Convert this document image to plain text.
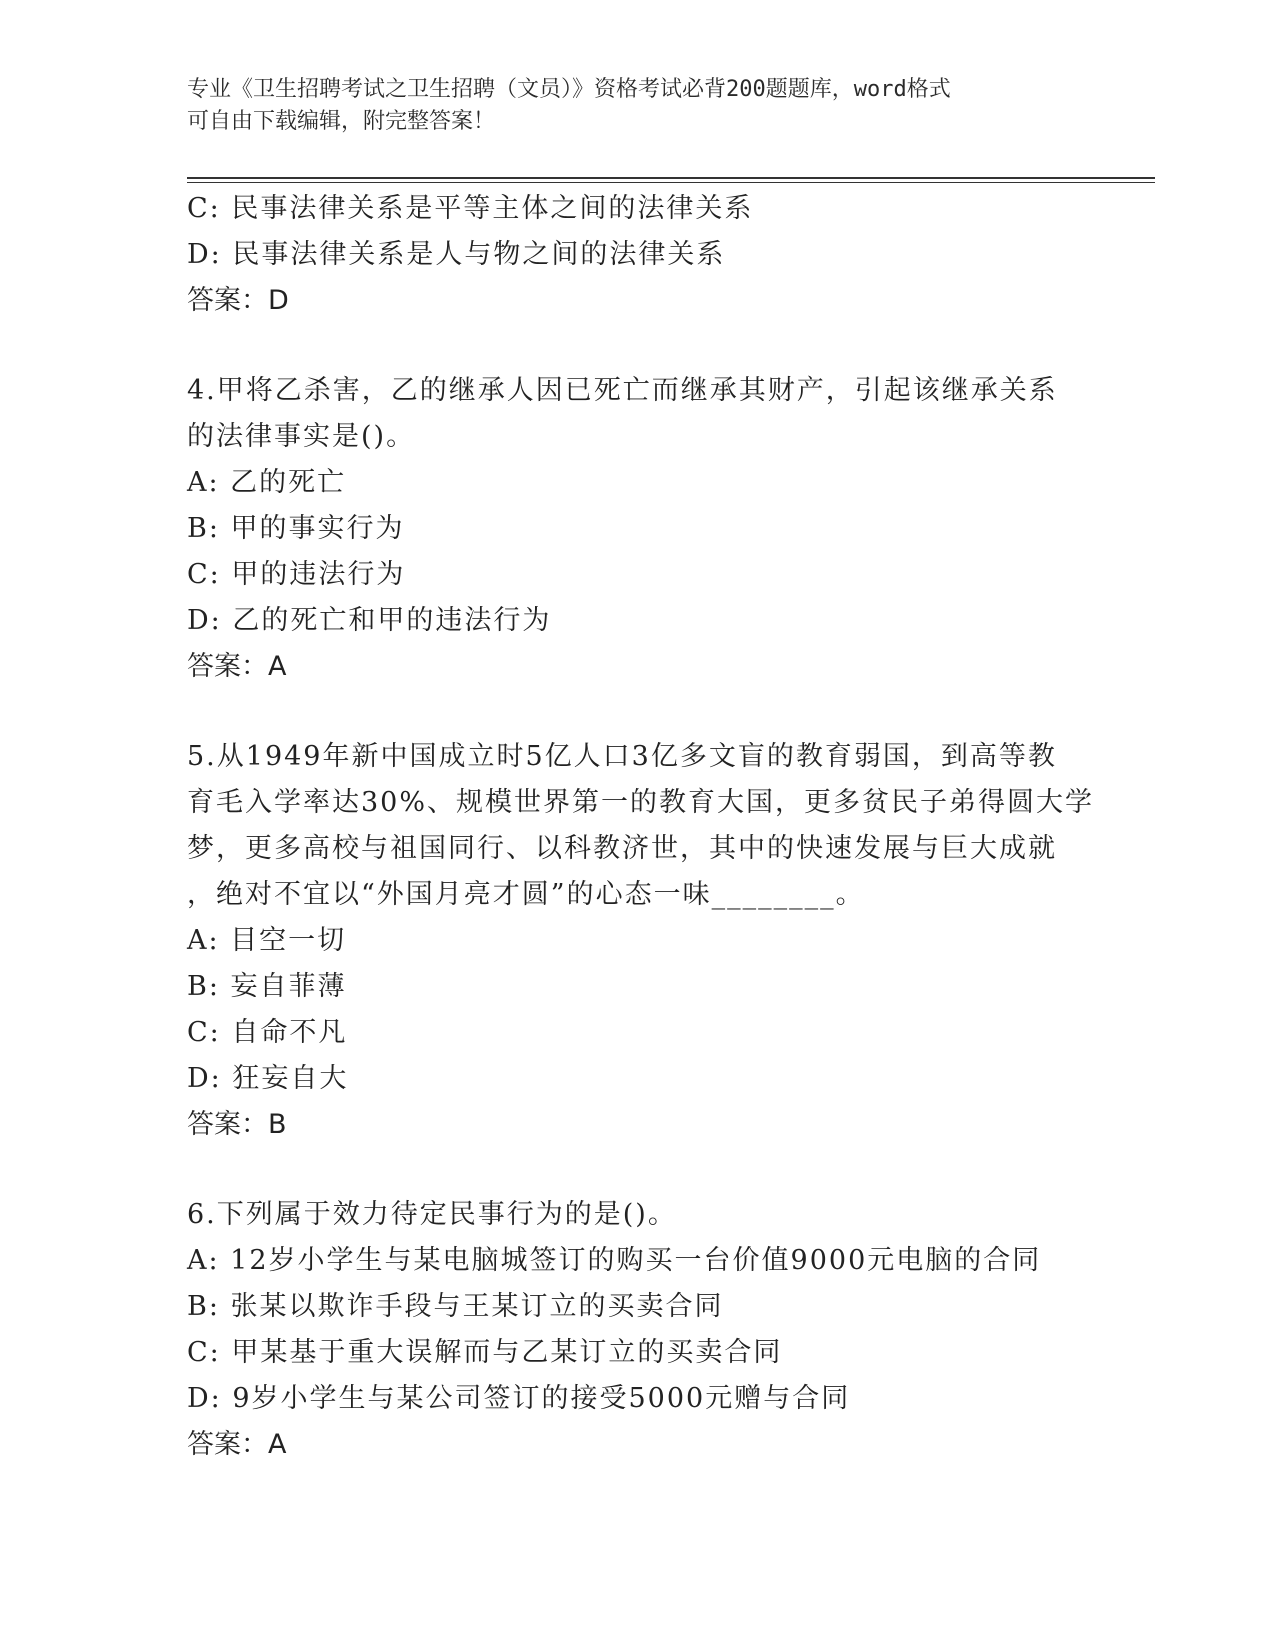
专业《卫生招聘考试之卫生招聘（文员）》资格考试必背200题题库，word格式
可自由下载编辑，附完整答案！
C: 民事法律关系是平等主体之间的法律关系
D: 民事法律关系是人与物之间的法律关系
答案：D
4.甲将乙杀害，乙的继承人因已死亡而继承其财产，引起该继承关系
的法律事实是()。
A: 乙的死亡
B: 甲的事实行为
C: 甲的违法行为
D: 乙的死亡和甲的违法行为
答案：A
5.从1949年新中国成立时5亿人口3亿多文盲的教育弱国，到高等教
育毛入学率达30%、规模世界第一的教育大国，更多贫民子弟得圆大学
梦，更多高校与祖国同行、以科教济世，其中的快速发展与巨大成就
，绝对不宜以“外国月亮才圆”的心态一味________。
A: 目空一切
B: 妄自菲薄
C: 自命不凡
D: 狂妄自大
答案：B
6.下列属于效力待定民事行为的是()。
A: 12岁小学生与某电脑城签订的购买一台价值9000元电脑的合同
B: 张某以欺诈手段与王某订立的买卖合同
C: 甲某基于重大误解而与乙某订立的买卖合同
D: 9岁小学生与某公司签订的接受5000元赠与合同
答案：A
